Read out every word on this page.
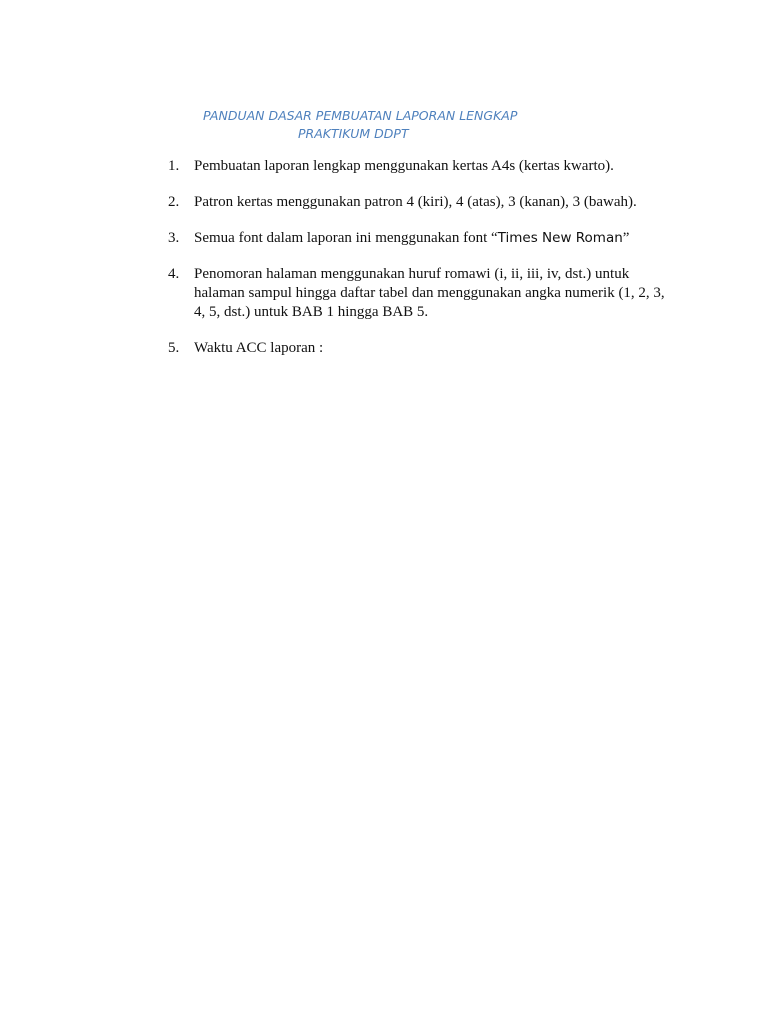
PANDUAN DASAR PEMBUATAN LAPORAN LENGKAP
PRAKTIKUM DDPT
1. Pembuatan laporan lengkap menggunakan kertas A4s (kertas kwarto).
2. Patron kertas menggunakan patron 4 (kiri), 4 (atas), 3 (kanan), 3 (bawah).
3. Semua font dalam laporan ini menggunakan font “Times New Roman”
4. Penomoran halaman menggunakan huruf romawi (i, ii, iii, iv, dst.) untuk halaman sampul hingga daftar tabel dan menggunakan angka numerik (1, 2, 3, 4, 5, dst.) untuk BAB 1 hingga BAB 5.
5. Waktu ACC laporan :
